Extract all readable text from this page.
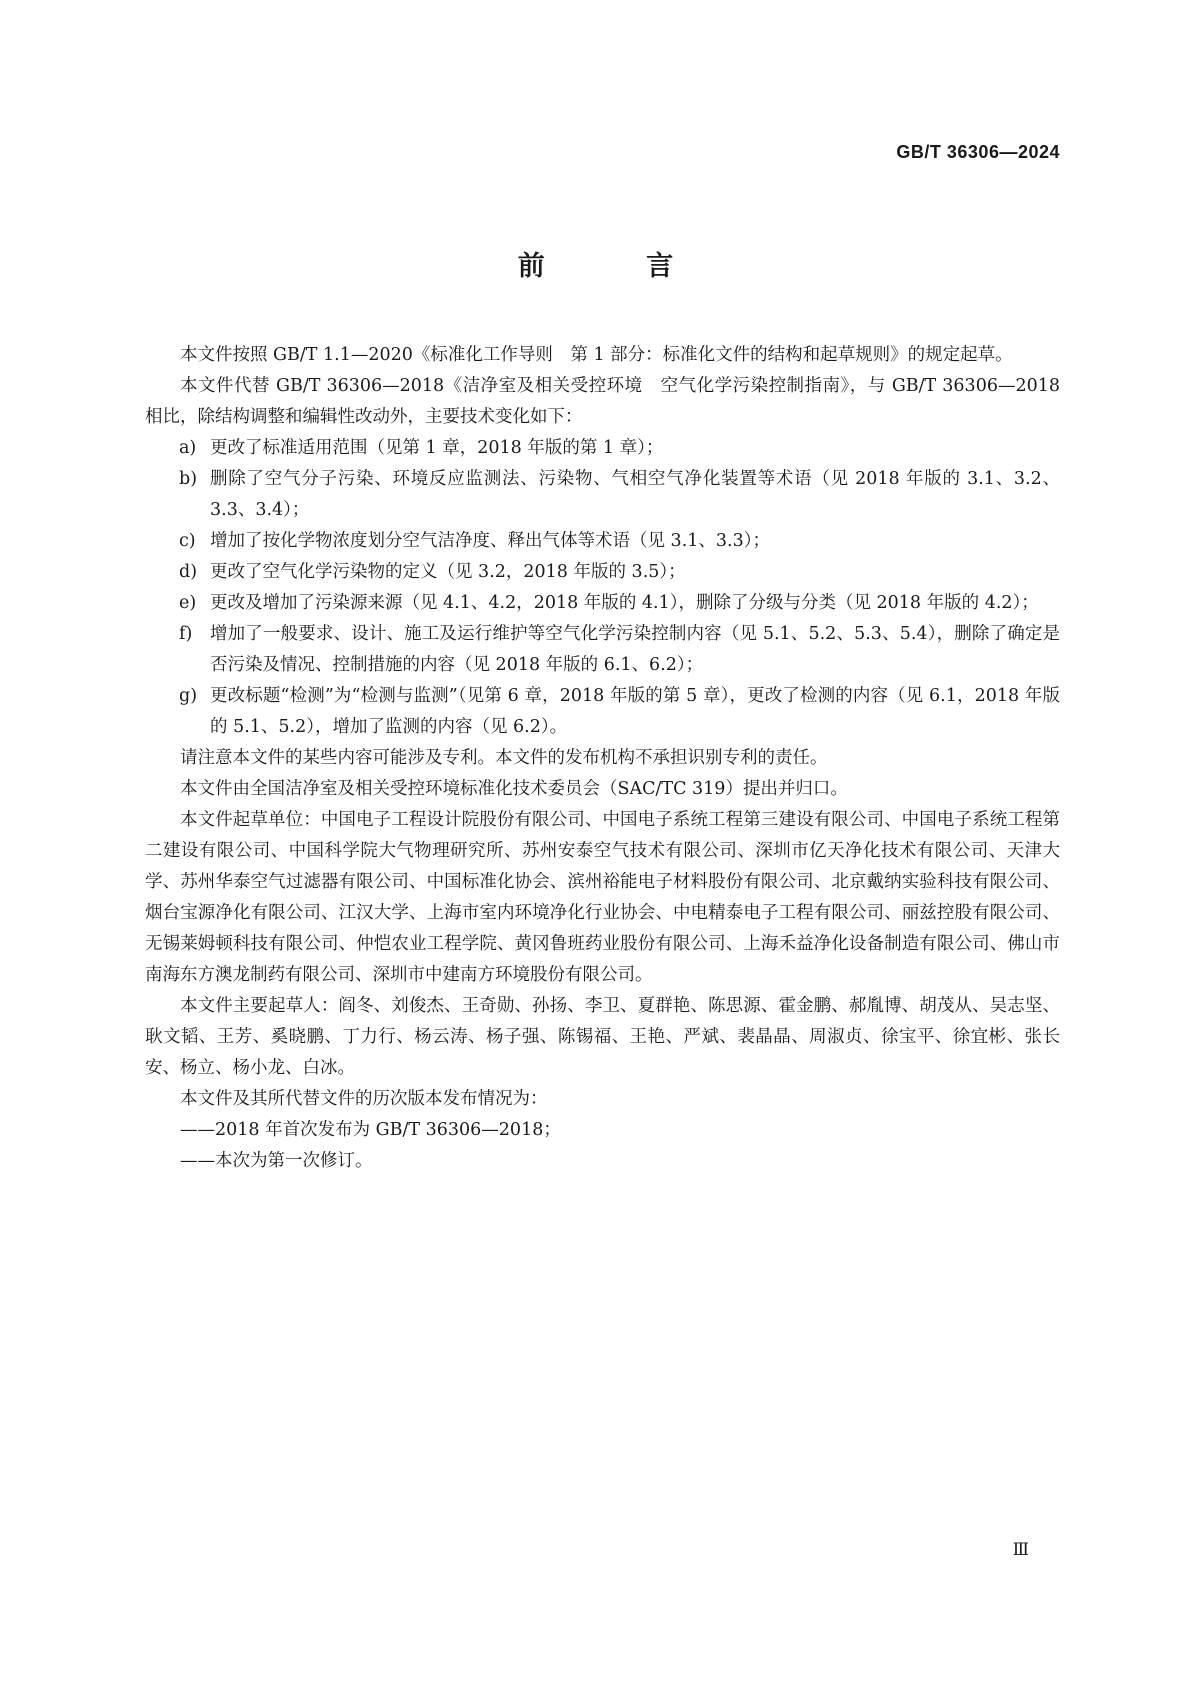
GB/T 36306—2024
前 言

本文件按照 GB/T 1.1—2020《标准化工作导则　第 1 部分：标准化文件的结构和起草规则》的规定起草。

本文件代替 GB/T 36306—2018《洁净室及相关受控环境　空气化学污染控制指南》，与 GB/T 36306—2018 相比，除结构调整和编辑性改动外，主要技术变化如下：

a) 更改了标准适用范围（见第 1 章，2018 年版的第 1 章）；
b) 删除了空气分子污染、环境反应监测法、污染物、气相空气净化装置等术语（见 2018 年版的 3.1、3.2、3.3、3.4）；
c) 增加了按化学物浓度划分空气洁净度、释出气体等术语（见 3.1、3.3）；
d) 更改了空气化学污染物的定义（见 3.2，2018 年版的 3.5）；
e) 更改及增加了污染源来源（见 4.1、4.2，2018 年版的 4.1），删除了分级与分类（见 2018 年版的 4.2）；
f) 增加了一般要求、设计、施工及运行维护等空气化学污染控制内容（见 5.1、5.2、5.3、5.4），删除了确定是否污染及情况、控制措施的内容（见 2018 年版的 6.1、6.2）；
g) 更改标题“检测”为“检测与监测”（见第 6 章，2018 年版的第 5 章），更改了检测的内容（见 6.1，2018 年版的 5.1、5.2），增加了监测的内容（见 6.2）。

请注意本文件的某些内容可能涉及专利。本文件的发布机构不承担识别专利的责任。

本文件由全国洁净室及相关受控环境标准化技术委员会（SAC/TC 319）提出并归口。

本文件起草单位：中国电子工程设计院股份有限公司、中国电子系统工程第三建设有限公司、中国电子系统工程第二建设有限公司、中国科学院大气物理研究所、苏州安泰空气技术有限公司、深圳市亿天净化技术有限公司、天津大学、苏州华泰空气过滤器有限公司、中国标准化协会、滨州裕能电子材料股份有限公司、北京戴纳实验科技有限公司、烟台宝源净化有限公司、江汉大学、上海市室内环境净化行业协会、中电精泰电子工程有限公司、丽兹控股有限公司、无锡莱姆顿科技有限公司、仲恺农业工程学院、黄冈鲁班药业股份有限公司、上海禾益净化设备制造有限公司、佛山市南海东方澳龙制药有限公司、深圳市中建南方环境股份有限公司。

本文件主要起草人：阎冬、刘俊杰、王奇勋、孙扬、李卫、夏群艳、陈思源、霍金鹏、郝胤博、胡茂从、吴志坚、耿文韬、王芳、奚晓鹏、丁力行、杨云涛、杨子强、陈锡福、王艳、严斌、裴晶晶、周淑贞、徐宝平、徐宜彬、张长安、杨立、杨小龙、白冰。

本文件及其所代替文件的历次版本发布情况为：

——2018 年首次发布为 GB/T 36306—2018；

——本次为第一次修订。

Ⅲ
